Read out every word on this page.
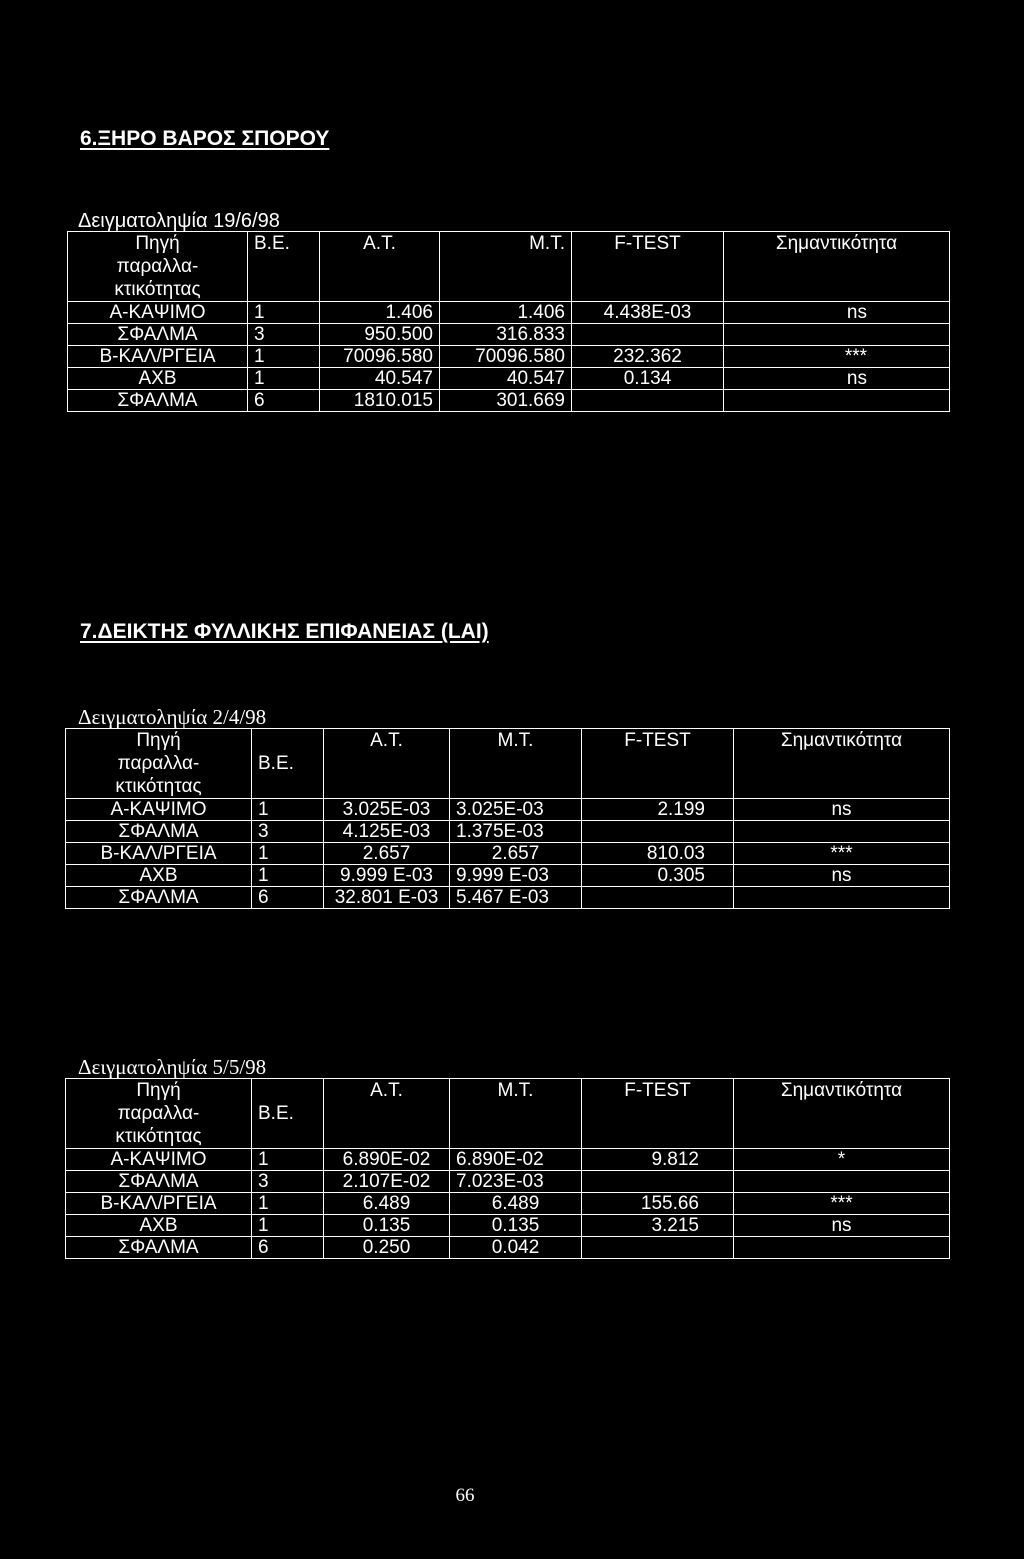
6.ΞΗΡΟ ΒΑΡΟΣ ΣΠΟΡΟΥ
Δειγματοληψία 19/6/98
Πηγή
παραλλα-
κτικότητας	Β.Ε.	Α.Τ.	Μ.Τ.	F-TEST	Σημαντικότητα
Α-ΚΑΨΙΜΟ	1	1.406	1.406	4.438E-03	ns
ΣΦΑΛΜΑ	3	950.500	316.833		
Β-ΚΑΛ/ΡΓΕΙΑ	1	70096.580	70096.580	232.362	***
ΑΧΒ	1	40.547	40.547	0.134	ns
ΣΦΑΛΜΑ	6	1810.015	301.669		
7.ΔΕΙΚΤΗΣ ΦΥΛΛΙΚΗΣ ΕΠΙΦΑΝΕΙΑΣ (LAI)
Δειγματοληψία 2/4/98
Πηγή
παραλλα-
κτικότητας	Β.Ε.	Α.Τ.	Μ.Τ.	F-TEST	Σημαντικότητα
Α-ΚΑΨΙΜΟ	1	3.025E-03	3.025E-03	2.199	ns
ΣΦΑΛΜΑ	3	4.125E-03	1.375E-03		
Β-ΚΑΛ/ΡΓΕΙΑ	1	2.657	2.657	810.03	***
ΑΧΒ	1	9.999 E-03	9.999 E-03	0.305	ns
ΣΦΑΛΜΑ	6	32.801 E-03	5.467 E-03		
Δειγματοληψία 5/5/98
Πηγή
παραλλα-
κτικότητας	Β.Ε.	Α.Τ.	Μ.Τ.	F-TEST	Σημαντικότητα
Α-ΚΑΨΙΜΟ	1	6.890E-02	6.890E-02	9.812	*
ΣΦΑΛΜΑ	3	2.107E-02	7.023E-03		
Β-ΚΑΛ/ΡΓΕΙΑ	1	6.489	6.489	155.66	***
ΑΧΒ	1	0.135	0.135	3.215	ns
ΣΦΑΛΜΑ	6	0.250	0.042		
66
